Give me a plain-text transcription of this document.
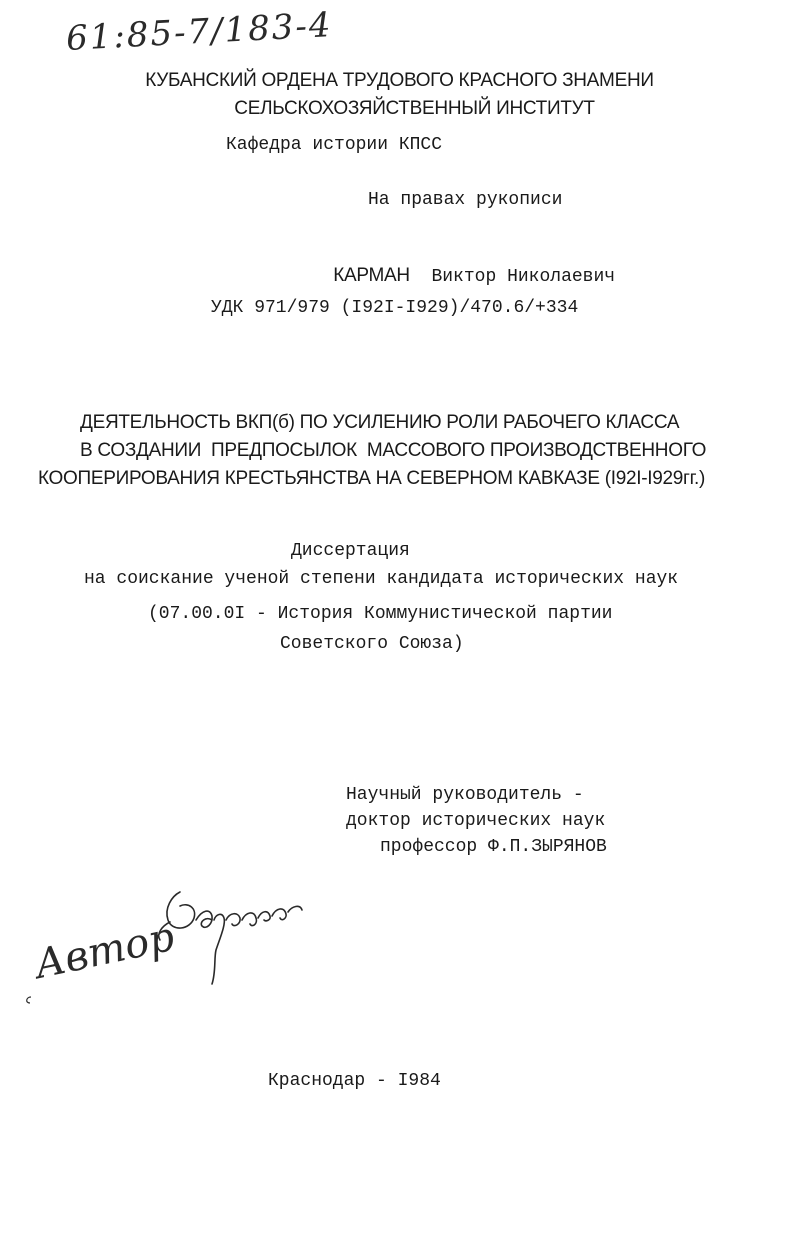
61:85-7/183-4
КУБАНСКИЙ ОРДЕНА ТРУДОВОГО КРАСНОГО ЗНАМЕНИ
СЕЛЬСКОХОЗЯЙСТВЕННЫЙ ИНСТИТУТ
Кафедра истории КПСС
На правах рукописи

КАРМАН Виктор Николаевич

УДК 971/979 (I92I-I929)/470.6/+334
ДЕЯТЕЛЬНОСТЬ ВКП(б) ПО УСИЛЕНИЮ РОЛИ РАБОЧЕГО КЛАССА
В СОЗДАНИИ  ПРЕДПОСЫЛОК  МАССОВОГО ПРОИЗВОДСТВЕННОГО
КООПЕРИРОВАНИЯ КРЕСТЬЯНСТВА НА СЕВЕРНОМ КАВКАЗЕ (I92I-I929гг.)
Диссертация
на соискание ученой степени кандидата исторических наук
(07.00.0I - История Коммунистической партии
Советского Союза)
Научный руководитель -
доктор исторических наук
профессор Ф.П.ЗЫРЯНОВ
Автор
Краснодар - I984
